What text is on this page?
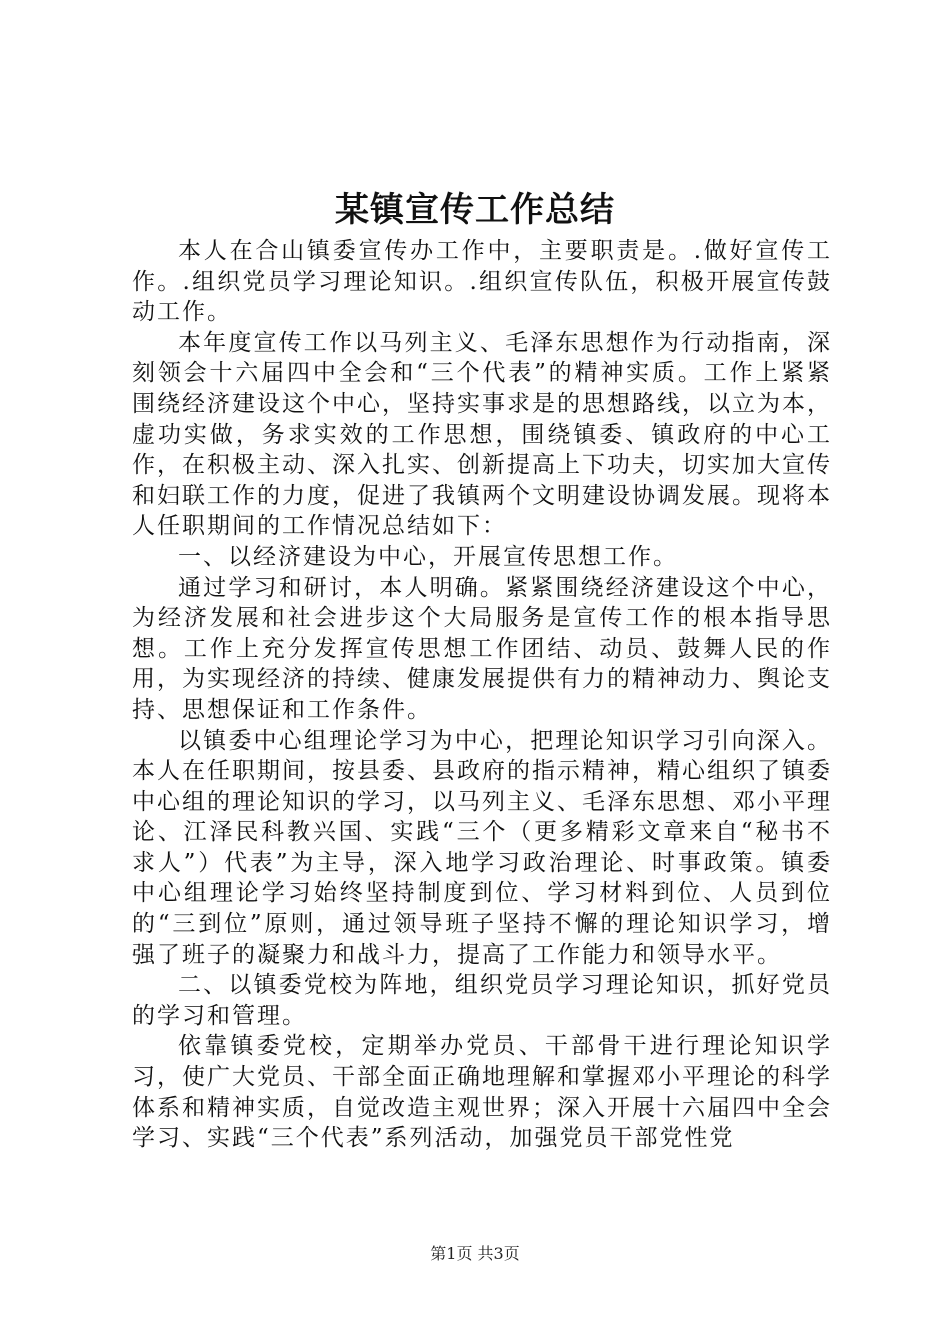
某镇宣传工作总结

本人在合山镇委宣传办工作中，主要职责是。.做好宣传工作。.组织党员学习理论知识。.组织宣传队伍，积极开展宣传鼓动工作。

本年度宣传工作以马列主义、毛泽东思想作为行动指南，深刻领会十六届四中全会和“三个代表”的精神实质。工作上紧紧围绕经济建设这个中心，坚持实事求是的思想路线，以立为本，虚功实做，务求实效的工作思想，围绕镇委、镇政府的中心工作，在积极主动、深入扎实、创新提高上下功夫，切实加大宣传和妇联工作的力度，促进了我镇两个文明建设协调发展。现将本人任职期间的工作情况总结如下：

一、以经济建设为中心，开展宣传思想工作。

通过学习和研讨，本人明确。紧紧围绕经济建设这个中心，为经济发展和社会进步这个大局服务是宣传工作的根本指导思想。工作上充分发挥宣传思想工作团结、动员、鼓舞人民的作用，为实现经济的持续、健康发展提供有力的精神动力、舆论支持、思想保证和工作条件。

以镇委中心组理论学习为中心，把理论知识学习引向深入。本人在任职期间，按县委、县政府的指示精神，精心组织了镇委中心组的理论知识的学习，以马列主义、毛泽东思想、邓小平理论、江泽民科教兴国、实践“三个（更多精彩文章来自“秘书不求人”）代表”为主导，深入地学习政治理论、时事政策。镇委中心组理论学习始终坚持制度到位、学习材料到位、人员到位的“三到位”原则，通过领导班子坚持不懈的理论知识学习，增强了班子的凝聚力和战斗力，提高了工作能力和领导水平。

二、以镇委党校为阵地，组织党员学习理论知识，抓好党员的学习和管理。

依靠镇委党校，定期举办党员、干部骨干进行理论知识学习，使广大党员、干部全面正确地理解和掌握邓小平理论的科学体系和精神实质，自觉改造主观世界；深入开展十六届四中全会学习、实践“三个代表”系列活动，加强党员干部党性党

第1页 共3页
